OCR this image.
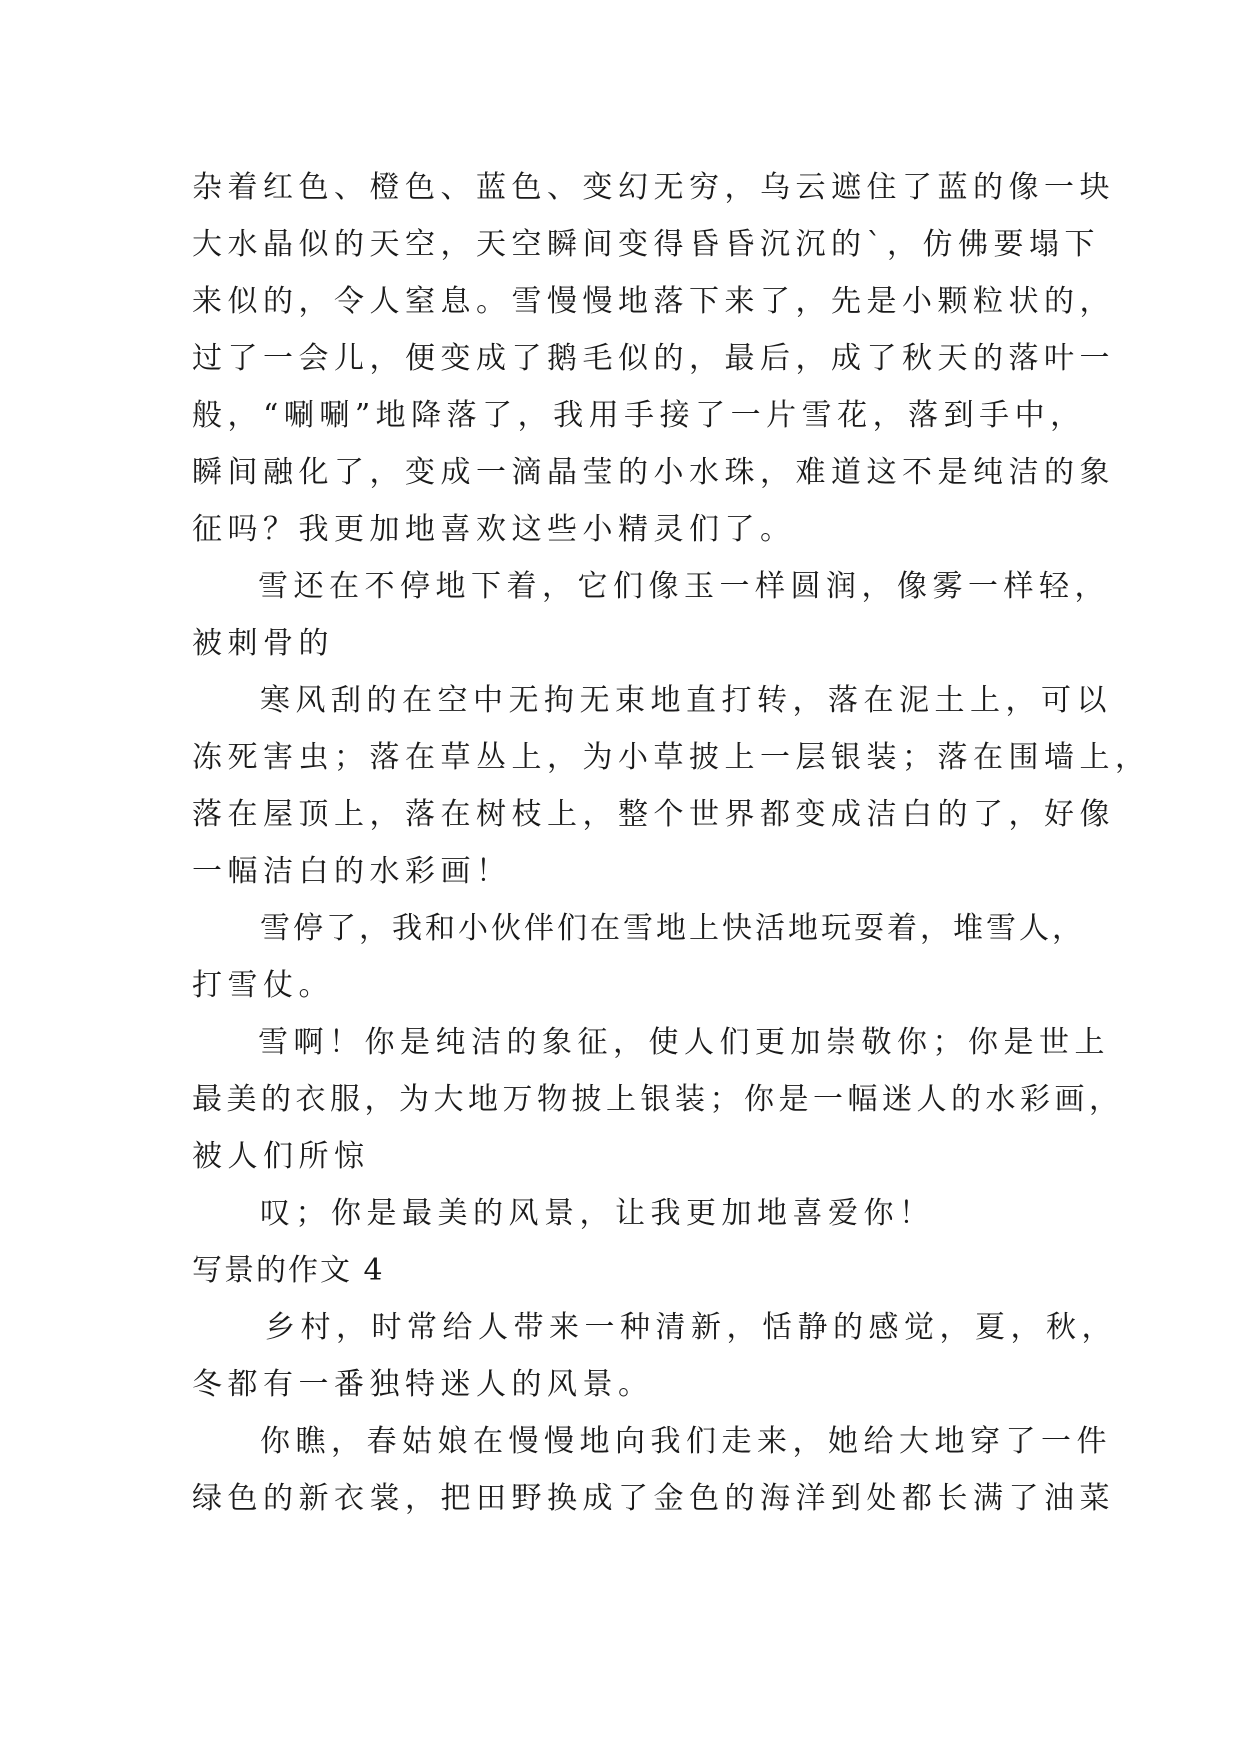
杂着红色、橙色、蓝色、变幻无穷，乌云遮住了蓝的像一块
大水晶似的天空，天空瞬间变得昏昏沉沉的`，仿佛要塌下
来似的，令人窒息。雪慢慢地落下来了，先是小颗粒状的，
过了一会儿，便变成了鹅毛似的，最后，成了秋天的落叶一
般，“唰唰”地降落了，我用手接了一片雪花，落到手中，
瞬间融化了，变成一滴晶莹的小水珠，难道这不是纯洁的象
征吗？我更加地喜欢这些小精灵们了。
雪还在不停地下着，它们像玉一样圆润，像雾一样轻，
被刺骨的
寒风刮的在空中无拘无束地直打转，落在泥土上，可以
冻死害虫；落在草丛上，为小草披上一层银装；落在围墙上，
落在屋顶上，落在树枝上，整个世界都变成洁白的了，好像
一幅洁白的水彩画！
雪停了，我和小伙伴们在雪地上快活地玩耍着，堆雪人，
打雪仗。
雪啊！你是纯洁的象征，使人们更加崇敬你；你是世上
最美的衣服，为大地万物披上银装；你是一幅迷人的水彩画，
被人们所惊
叹；你是最美的风景，让我更加地喜爱你！
写景的作文 4
乡村，时常给人带来一种清新，恬静的感觉，夏，秋，
冬都有一番独特迷人的风景。
你瞧，春姑娘在慢慢地向我们走来，她给大地穿了一件
绿色的新衣裳，把田野换成了金色的海洋到处都长满了油菜
